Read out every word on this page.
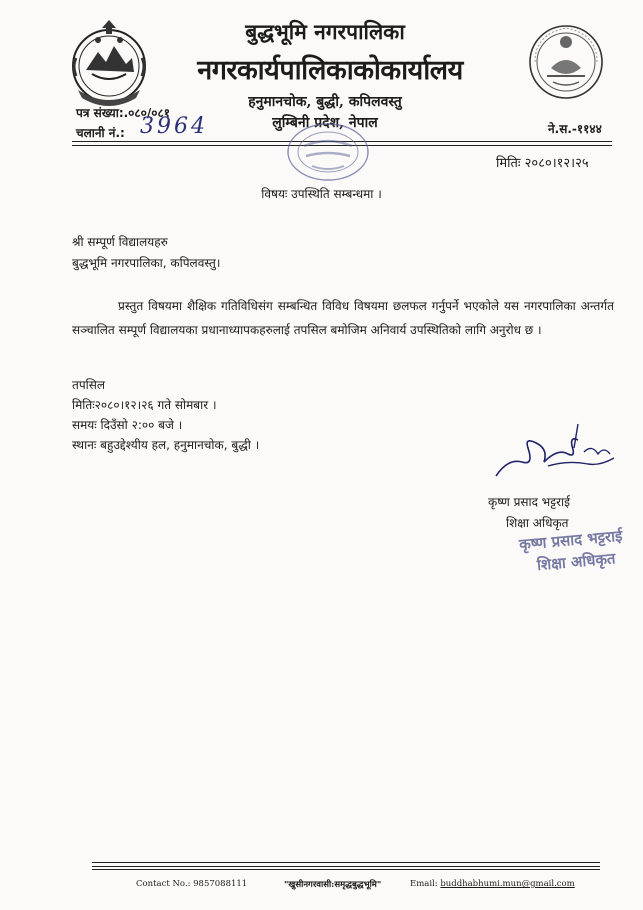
बुद्धभूमि नगरपालिका
नगरकार्यपालिकाकोकार्यालय
हनुमानचोक, बुद्धी, कपिलवस्तु
लुम्बिनी प्रदेश, नेपाल
पत्र संख्या:.०८०/०८१
चलानी नं.: 3964	ने.स.-११४४
मितिः २०८०।१२।२५
विषयः उपस्थिति सम्बन्धमा ।
श्री सम्पूर्ण विद्यालयहरु
बुद्धभूमि नगरपालिका, कपिलवस्तु।
प्रस्तुत विषयमा शैक्षिक गतिविधिसंग सम्बन्धित विविध विषयमा छलफल गर्नुपर्ने भएकोले यस नगरपालिका अन्तर्गत सञ्चालित सम्पूर्ण विद्यालयका प्रधानाध्यापकहरुलाई तपसिल बमोजिम अनिवार्य उपस्थितिको लागि अनुरोध छ ।
तपसिल
मितिः२०८०।१२।२६ गते सोमबार ।
समयः दिउँसो २:०० बजे ।
स्थानः बहुउद्देश्यीय हल, हनुमानचोक, बुद्धी ।
कृष्ण प्रसाद भट्टराई
शिक्षा अधिकृत
कृष्ण प्रसाद भट्टराई
शिक्षा अधिकृत
Contact No.: 9857088111	"खुसीनगरवासी:समृद्धबुद्धभूमि"	Email: buddhabhumi.mun@gmail.com
